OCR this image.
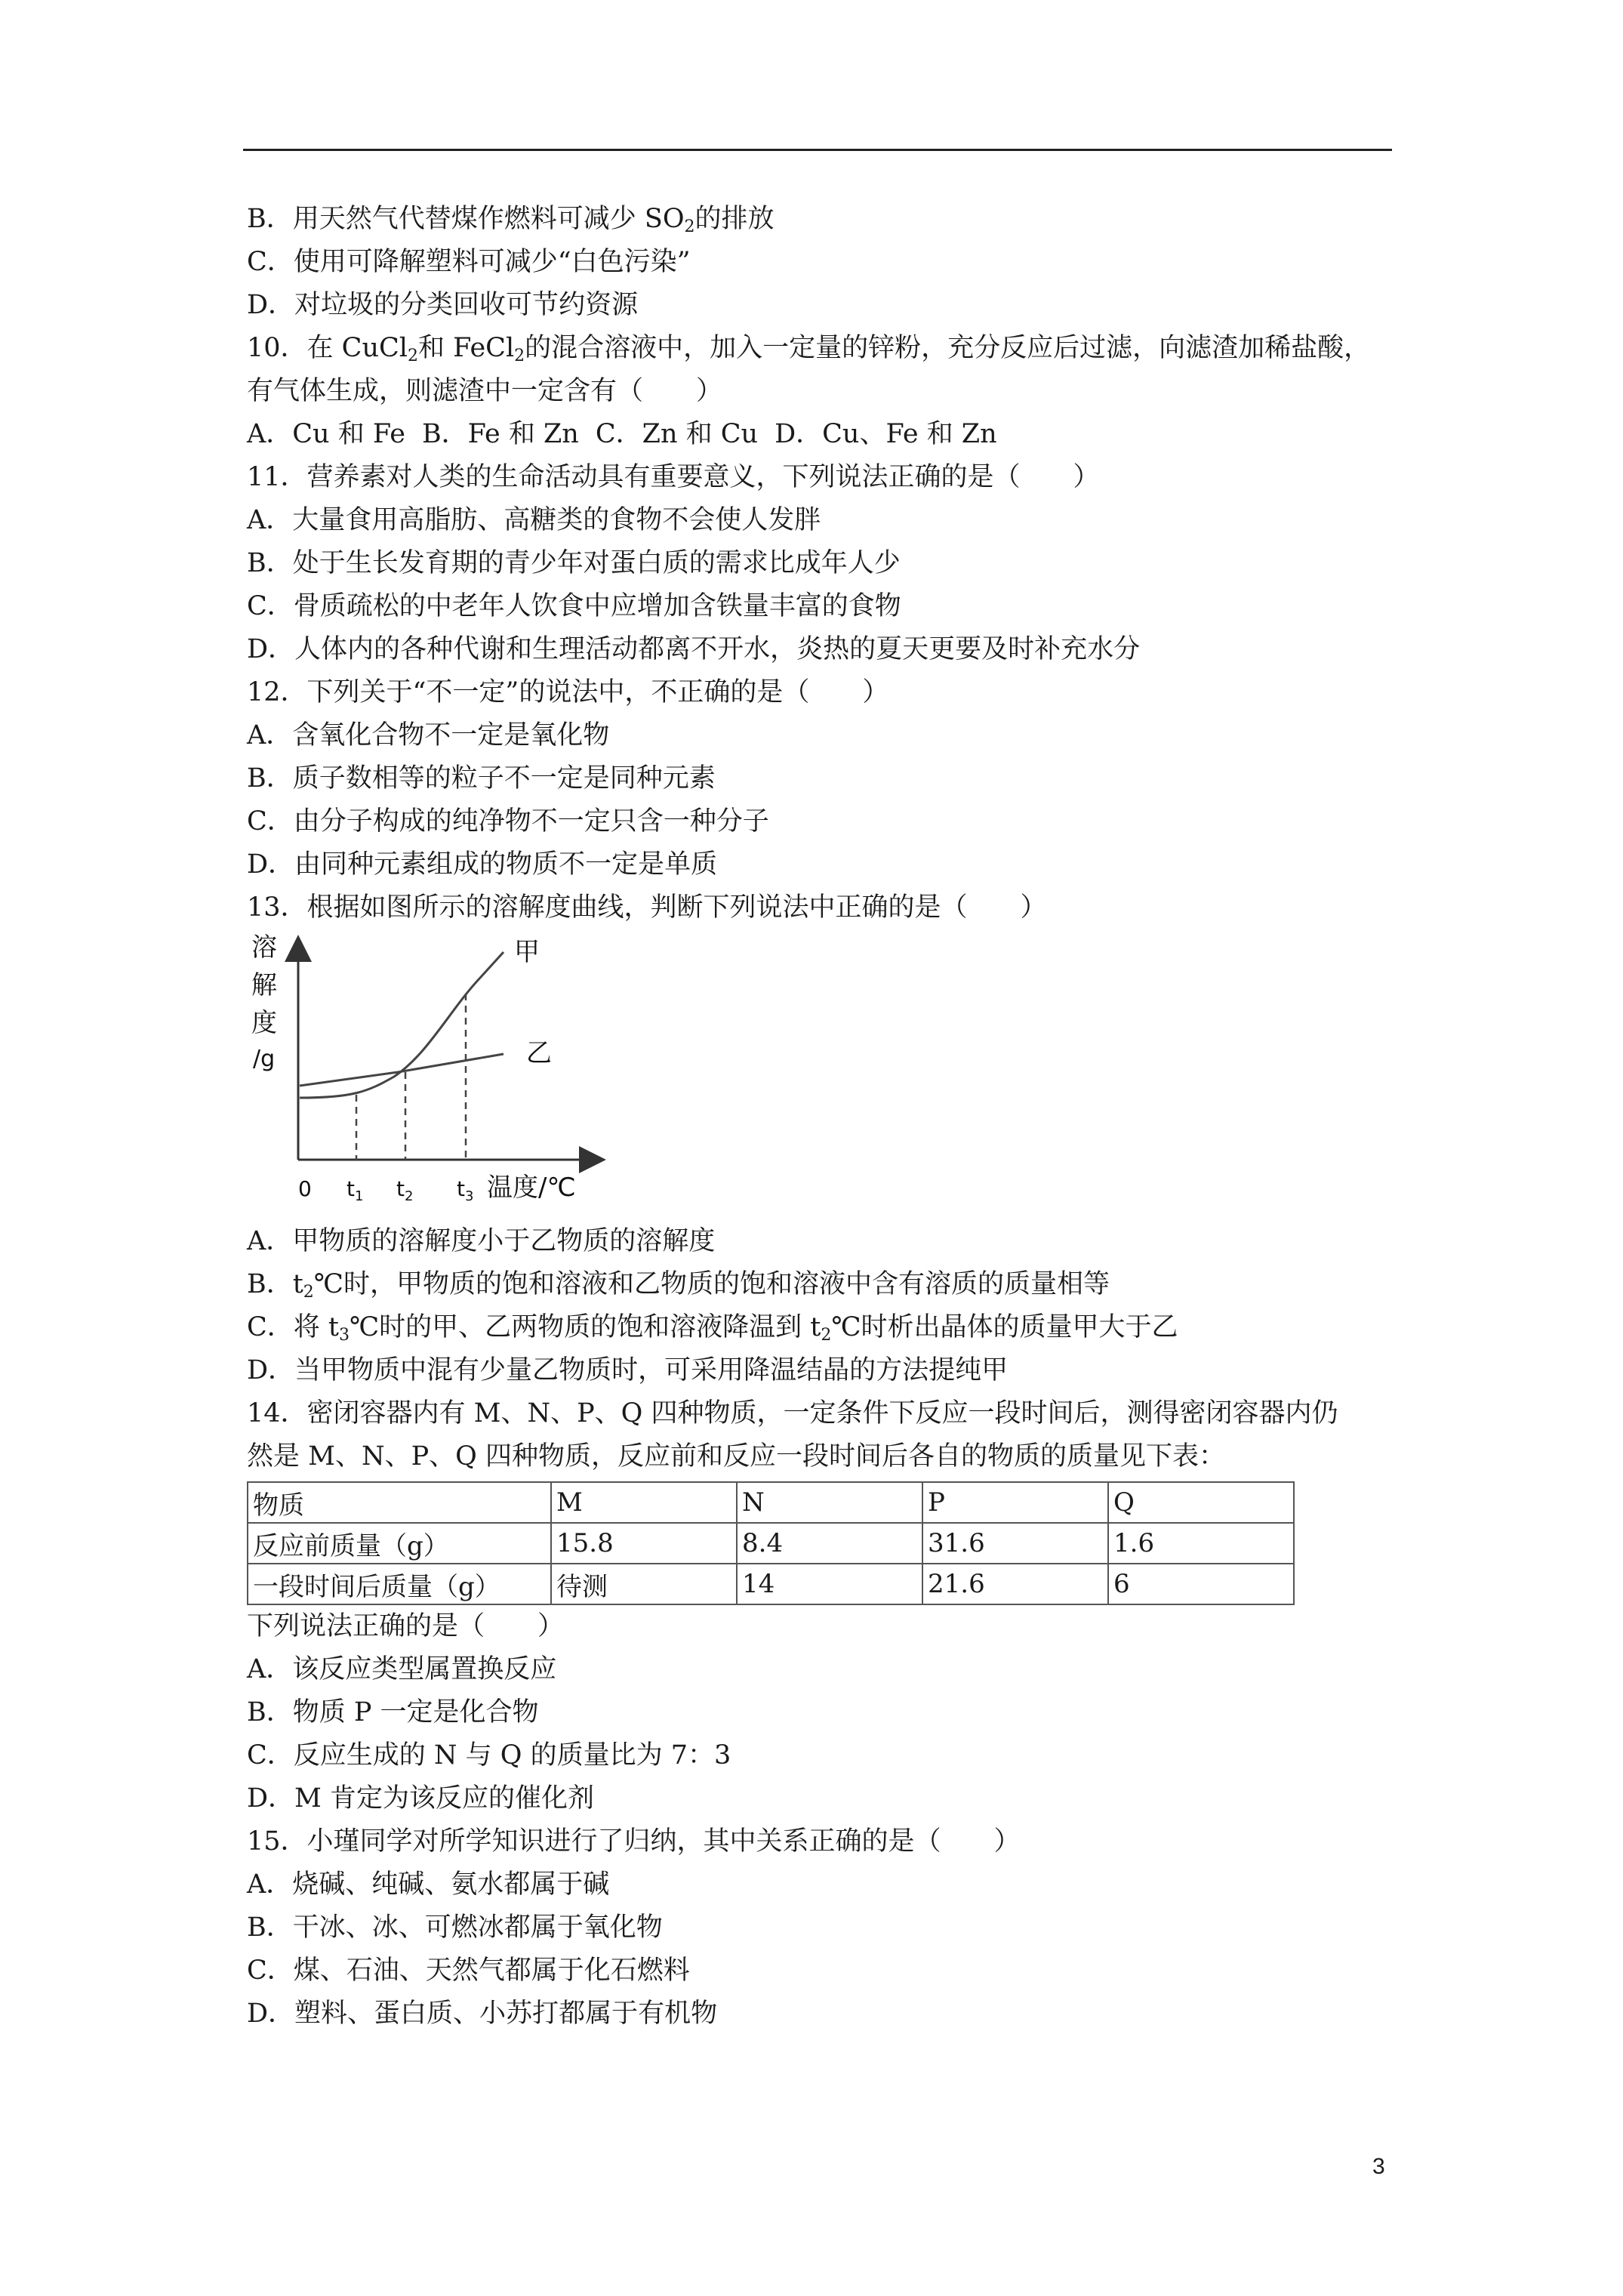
B．用天然气代替煤作燃料可减少 $SO_2$的排放
C．使用可降解塑料可减少“白色污染”
D．对垃圾的分类回收可节约资源
10．在 CuCl$_2$和 FeCl$_2$的混合溶液中，加入一定量的锌粉，充分反应后过滤，向滤渣加稀盐酸，有气体生成，则滤渣中一定含有（　　）
A．Cu 和 Fe B．Fe 和 Zn C．Zn 和 Cu D．Cu、Fe 和 Zn
11．营养素对人类的生命活动具有重要意义，下列说法正确的是（　　）
A．大量食用高脂肪、高糖类的食物不会使人发胖
B．处于生长发育期的青少年对蛋白质的需求比成年人少
C．骨质疏松的中老年人饮食中应增加含铁量丰富的食物
D．人体内的各种代谢和生理活动都离不开水，炎热的夏天更要及时补充水分
12．下列关于“不一定”的说法中，不正确的是（　　）
A．含氧化合物不一定是氧化物
B．质子数相等的粒子不一定是同种元素
C．由分子构成的纯净物不一定只含一种分子
D．由同种元素组成的物质不一定是单质
13．根据如图所示的溶解度曲线，判断下列说法中正确的是（　　）
溶
解
度
/g
甲
乙
0 $t_1$ $t_2$ $t_3$ 温度/℃
A．甲物质的溶解度小于乙物质的溶解度
B．$t_2℃$时，甲物质的饱和溶液和乙物质的饱和溶液中含有溶质的质量相等
C．将 $t_3℃$时的甲、乙两物质的饱和溶液降温到 $t_2℃$时析出晶体的质量甲大于乙
D．当甲物质中混有少量乙物质时，可采用降温结晶的方法提纯甲
14．密闭容器内有 M、N、P、Q 四种物质，一定条件下反应一段时间后，测得密闭容器内仍
然是 M、N、P、Q 四种物质，反应前和反应一段时间后各自的物质的质量见下表：
物质	M	N	P	Q
反应前质量（g）	15.8	8.4	31.6	1.6
一段时间后质量（g）	待测	14	21.6	6
下列说法正确的是（　　）
A．该反应类型属置换反应
B．物质 P 一定是化合物
C．反应生成的 N 与 Q 的质量比为 7：3
D．M 肯定为该反应的催化剂
15．小瑾同学对所学知识进行了归纳，其中关系正确的是（　　）
A．烧碱、纯碱、氨水都属于碱
B．干冰、冰、可燃冰都属于氧化物
C．煤、石油、天然气都属于化石燃料
D．塑料、蛋白质、小苏打都属于有机物
3
